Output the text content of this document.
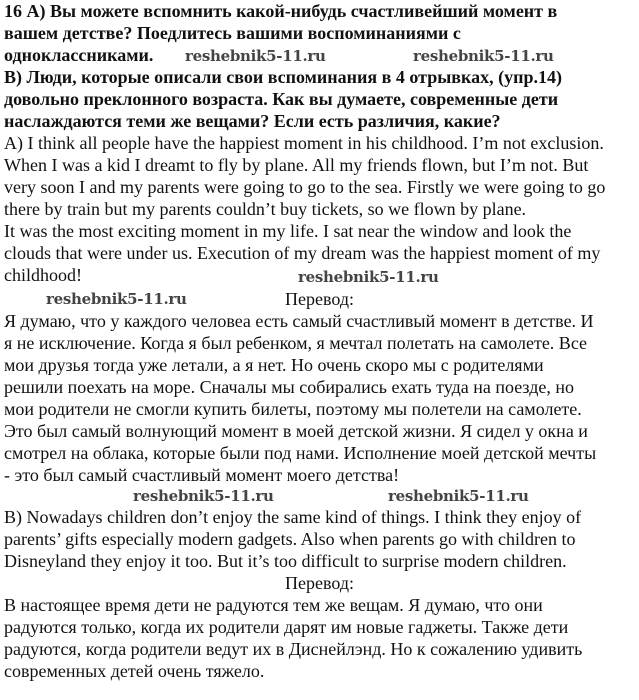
16 А) Вы можете вспомнить какой-нибудь счастливейший момент в
вашем детстве? Поедлитесь вашими воспоминаниями с
одноклассниками.
B) Люди, которые описали свои вспоминания в 4 отрывках, (упр.14)
довольно преклонного возраста. Как вы думаете, современные дети
наслаждаются теми же вещами? Если есть различия, какие?
A) I think all people have the happiest moment in his childhood. I’m not exclusion.
When I was a kid I dreamt to fly by plane. All my friends flown, but I’m not. But
very soon I and my parents were going to go to the sea. Firstly we were going to go
there by train but my parents couldn’t buy tickets, so we flown by plane.
It was the most exciting moment in my life. I sat near the window and look the
clouds that were under us. Execution of my dream was the happiest moment of my
childhood!
Перевод:
Я думаю, что у каждого человеа есть самый счастливый момент в детстве. И
я не исключение. Когда я был ребенком, я мечтал полетать на самолете. Все
мои друзья тогда уже летали, а я нет. Но очень скоро мы с родителями
решили поехать на море. Сначалы мы собирались ехать туда на поезде, но
мои родители не смогли купить билеты, поэтому мы полетели на самолете.
Это был самый волнующий момент в моей детской жизни. Я сидел у окна и
смотрел на облака, которые были под нами. Исполнение моей детской мечты
- это был самый счастливый момент моего детства!
B) Nowadays children don’t enjoy the same kind of things. I think they enjoy of
parents’ gifts especially modern gadgets. Also when parents go with children to
Disneyland they enjoy it too. But it’s too difficult to surprise modern children.
Перевод:
В настоящее время дети не радуются тем же вещам. Я думаю, что они
радуются только, когда их родители дарят им новые гаджеты. Также дети
радуются, когда родители ведут их в Диснейлэнд. Но к сожалению удивить
современных детей очень тяжело.
reshebnik5-11.ru	reshebnik5-11.ru
reshebnik5-11.ru
reshebnik5-11.ru
reshebnik5-11.ru	reshebnik5-11.ru
